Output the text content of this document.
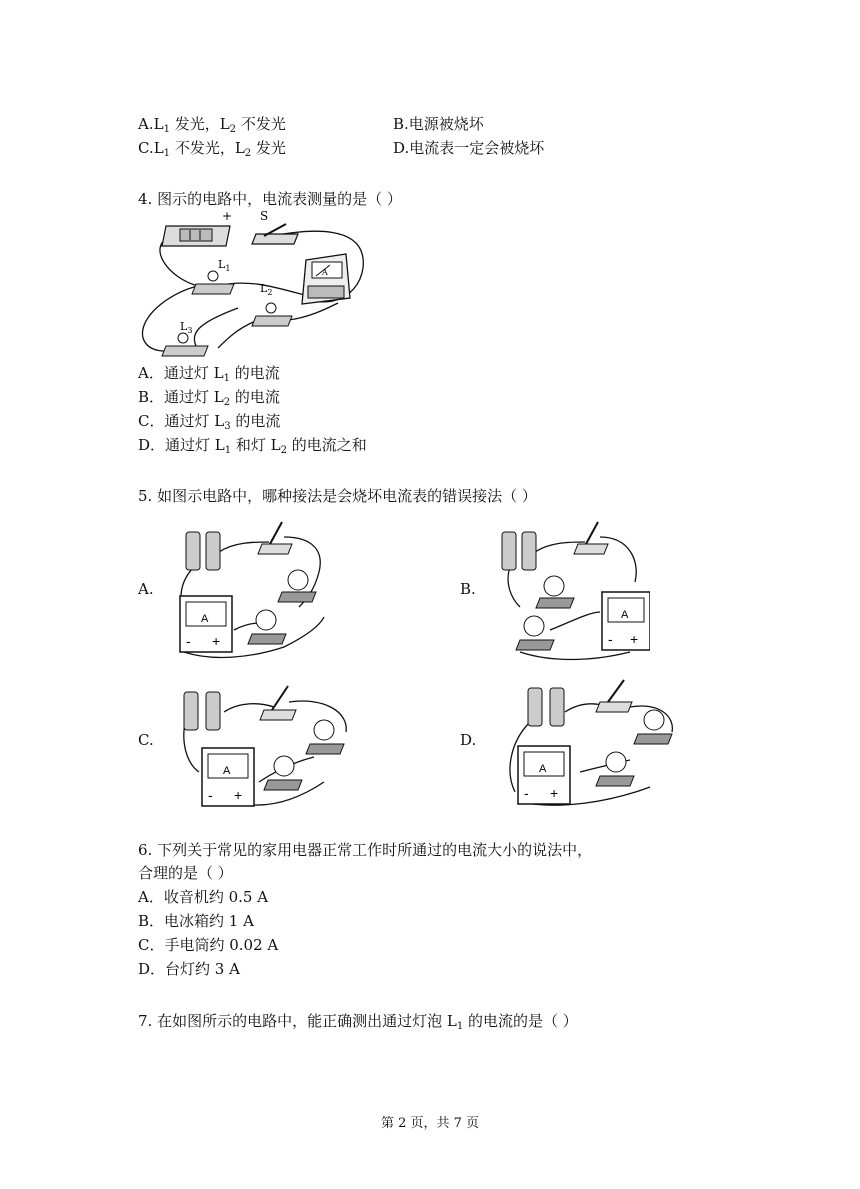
$A.L_1$ 发光，$L_2$ 不发光	B.电源被烧坏
$C.L_1$ 不发光，$L_2$ 发光	D.电流表一定会被烧坏
4. 图示的电路中，电流表测量的是（ ）
+ S
$L_1$
$L_2$
$L_3$
A
A．通过灯 $L_1$ 的电流
B．通过灯 $L_2$ 的电流
C．通过灯 $L_3$ 的电流
D．通过灯 $L_1$ 和灯 $L_2$ 的电流之和
5. 如图示电路中，哪种接法是会烧坏电流表的错误接法（ ）
A.	B.
C.	D.
A
- +
A
- +
A
- +
A
- +
6. 下列关于常见的家用电器正常工作时所通过的电流大小的说法中，
合理的是（ ）
A．收音机约 0.5 A
B．电冰箱约 1 A
C．手电筒约 0.02 A
D．台灯约 3 A
7. 在如图所示的电路中，能正确测出通过灯泡 $L_1$ 的电流的是（ ）
第 2 页，共 7 页
